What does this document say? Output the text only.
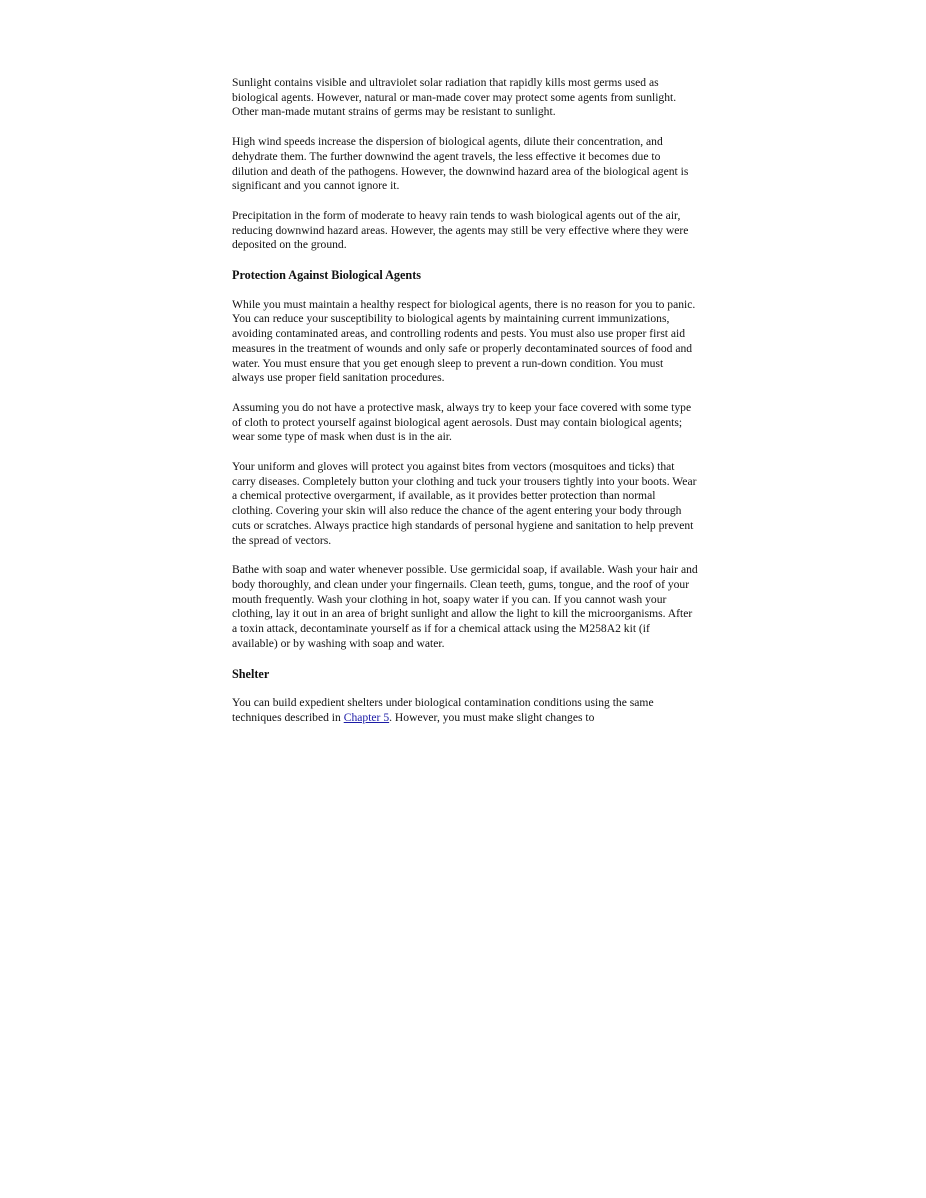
Sunlight contains visible and ultraviolet solar radiation that rapidly kills most germs used as biological agents. However, natural or man-made cover may protect some agents from sunlight. Other man-made mutant strains of germs may be resistant to sunlight.

High wind speeds increase the dispersion of biological agents, dilute their concentration, and dehydrate them. The further downwind the agent travels, the less effective it becomes due to dilution and death of the pathogens. However, the downwind hazard area of the biological agent is significant and you cannot ignore it.

Precipitation in the form of moderate to heavy rain tends to wash biological agents out of the air, reducing downwind hazard areas. However, the agents may still be very effective where they were deposited on the ground.

Protection Against Biological Agents

While you must maintain a healthy respect for biological agents, there is no reason for you to panic. You can reduce your susceptibility to biological agents by maintaining current immunizations, avoiding contaminated areas, and controlling rodents and pests. You must also use proper first aid measures in the treatment of wounds and only safe or properly decontaminated sources of food and water. You must ensure that you get enough sleep to prevent a run-down condition. You must always use proper field sanitation procedures.

Assuming you do not have a protective mask, always try to keep your face covered with some type of cloth to protect yourself against biological agent aerosols. Dust may contain biological agents; wear some type of mask when dust is in the air.

Your uniform and gloves will protect you against bites from vectors (mosquitoes and ticks) that carry diseases. Completely button your clothing and tuck your trousers tightly into your boots. Wear a chemical protective overgarment, if available, as it provides better protection than normal clothing. Covering your skin will also reduce the chance of the agent entering your body through cuts or scratches. Always practice high standards of personal hygiene and sanitation to help prevent the spread of vectors.

Bathe with soap and water whenever possible. Use germicidal soap, if available. Wash your hair and body thoroughly, and clean under your fingernails. Clean teeth, gums, tongue, and the roof of your mouth frequently. Wash your clothing in hot, soapy water if you can. If you cannot wash your clothing, lay it out in an area of bright sunlight and allow the light to kill the microorganisms. After a toxin attack, decontaminate yourself as if for a chemical attack using the M258A2 kit (if available) or by washing with soap and water.

Shelter

You can build expedient shelters under biological contamination conditions using the same techniques described in Chapter 5. However, you must make slight changes to
